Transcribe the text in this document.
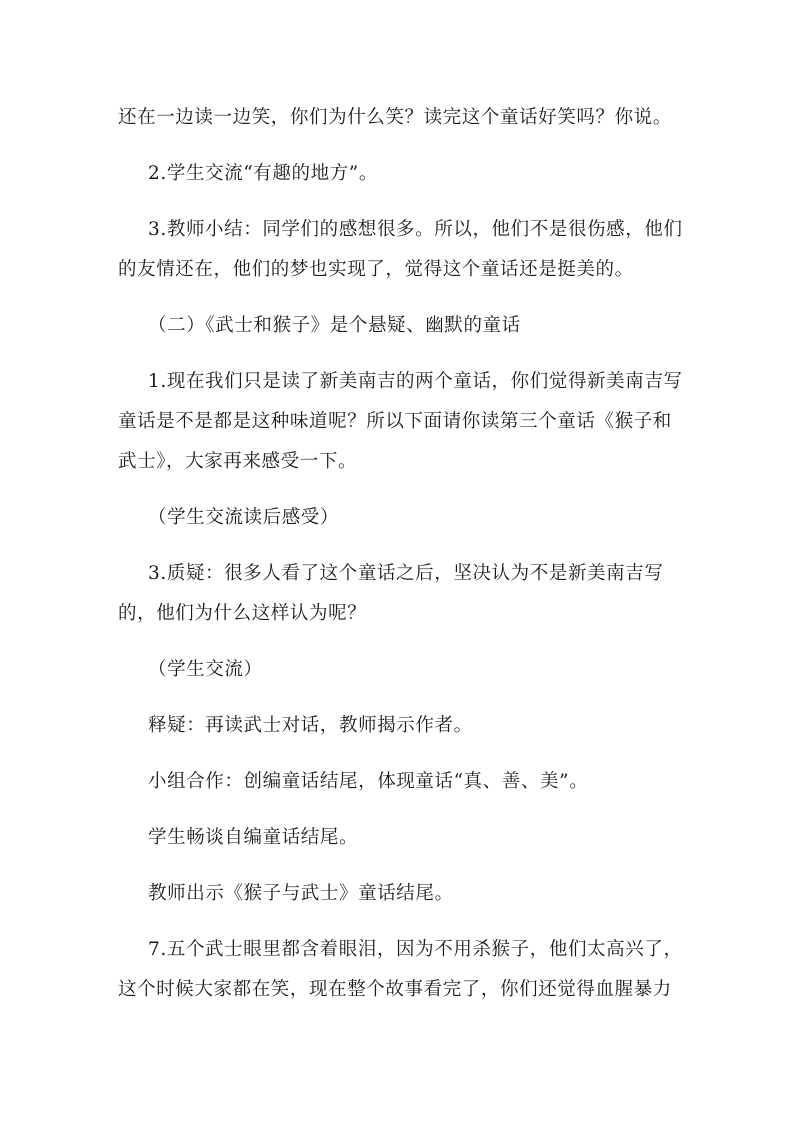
还在一边读一边笑，你们为什么笑？读完这个童话好笑吗？你说。
2.学生交流“有趣的地方”。
3.教师小结：同学们的感想很多。所以，他们不是很伤感，他们
的友情还在，他们的梦也实现了，觉得这个童话还是挺美的。
（二）《武士和猴子》是个悬疑、幽默的童话
1.现在我们只是读了新美南吉的两个童话，你们觉得新美南吉写
童话是不是都是这种味道呢？所以下面请你读第三个童话《猴子和
武士》，大家再来感受一下。
（学生交流读后感受）
3.质疑：很多人看了这个童话之后，坚决认为不是新美南吉写
的，他们为什么这样认为呢？
（学生交流）
释疑：再读武士对话，教师揭示作者。
小组合作：创编童话结尾，体现童话“真、善、美”。
学生畅谈自编童话结尾。
教师出示《猴子与武士》童话结尾。
7.五个武士眼里都含着眼泪，因为不用杀猴子，他们太高兴了，
这个时候大家都在笑，现在整个故事看完了，你们还觉得血腥暴力
